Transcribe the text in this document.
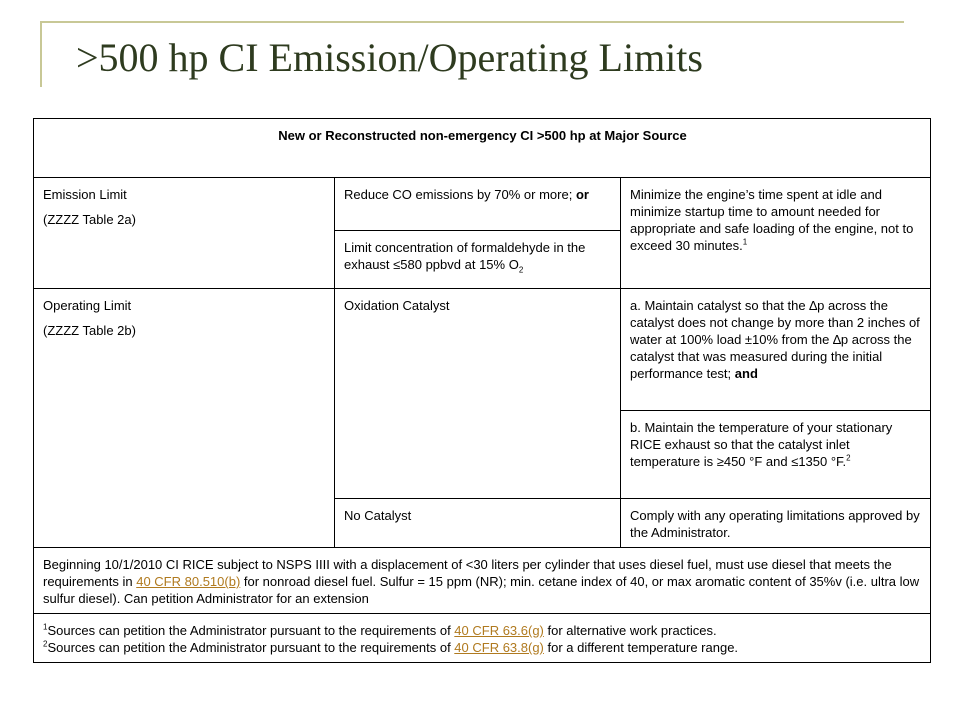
>500 hp CI Emission/Operating Limits
New or Reconstructed non-emergency CI >500 hp at Major Source		

Emission Limit
(ZZZZ Table 2a)	Reduce CO emissions by 70% or more; or	Minimize the engine’s time spent at idle and minimize startup time to amount needed for appropriate and safe loading of the engine, not to exceed 30 minutes.$^1$
	Limit concentration of formaldehyde in the exhaust ≤580 ppbvd at 15% $O_2$

Operating Limit
(ZZZZ Table 2b)	Oxidation Catalyst	a. Maintain catalyst so that the ∆p across the catalyst does not change by more than 2 inches of water at 100% load ±10% from the ∆p across the catalyst that was measured during the initial performance test; and
		b. Maintain the temperature of your stationary RICE exhaust so that the catalyst inlet temperature is ≥450 °F and ≤1350 °F.$^2$
	No Catalyst	Comply with any operating limitations approved by the Administrator.
Beginning 10/1/2010 CI RICE subject to NSPS IIII with a displacement of <30 liters per cylinder that uses diesel fuel, must use diesel that meets the requirements in 40 CFR 80.510(b) for nonroad diesel fuel. Sulfur = 15 ppm (NR); min. cetane index of 40, or max aromatic content of 35%v (i.e. ultra low sulfur diesel). Can petition Administrator for an extension		

$^1$Sources can petition the Administrator pursuant to the requirements of 40 CFR 63.6(g) for alternative work practices.
$^2$Sources can petition the Administrator pursuant to the requirements of 40 CFR 63.8(g) for a different temperature range.		
